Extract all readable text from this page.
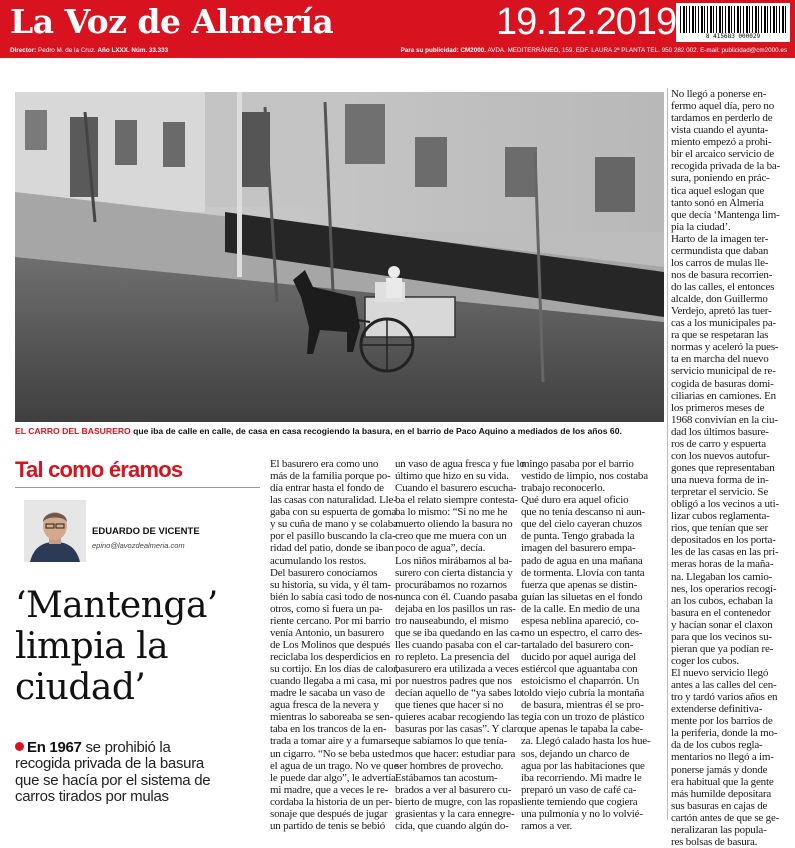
La Voz de Almería	19.12.2019	8 415683 000029
Director: Pedro M. de la Cruz. Año LXXX. Núm. 33.333	Para su publicidad: CM2000. AVDA. MEDITERRÁNEO, 159. EDF. LAURA 2ª PLANTA TEL. 950 282 002. E-mail: publicidad@cm2000.es
EL CARRO DEL BASURERO que iba de calle en calle, de casa en casa recogiendo la basura, en el barrio de Paco Aquino a mediados de los años 60.
Tal como éramos
EDUARDO DE VICENTE
epino@lavozdealmeria.com
‘Mantenga’
limpia la
ciudad’
En 1967 se prohibió la
recogida privada de la basura
que se hacía por el sistema de
carros tirados por mulas
El basurero era como uno
más de la familia porque po-
día entrar hasta el fondo de
las casas con naturalidad. Lle-
gaba con su espuerta de goma
y su cuña de mano y se colaba
por el pasillo buscando la cla-
ridad del patio, donde se iban
acumulando los restos.
Del basurero conocíamos
su historia, su vida, y él tam-
bién lo sabía casi todo de nos-
otros, como si fuera un pa-
riente cercano. Por mi barrio
venía Antonio, un basurero
de Los Molinos que después
reciclaba los desperdicios en
su cortijo. En los días de calor,
cuando llegaba a mi casa, mi
madre le sacaba un vaso de
agua fresca de la nevera y
mientras lo saboreaba se sen-
taba en los trancos de la en-
trada a tomar aire y a fumarse
un cigarro. “No se beba usted
el agua de un trago. No ve que
le puede dar algo”, le advertía
mi madre, que a veces le re-
cordaba la historia de un per-
sonaje que después de jugar
un partido de tenis se bebió
un vaso de agua fresca y fue lo
último que hizo en su vida.
Cuando el basurero escucha-
ba el relato siempre contesta-
ba lo mismo: “Si no me he
muerto oliendo la basura no
creo que me muera con un
poco de agua”, decía.
Los niños mirábamos al ba-
surero con cierta distancia y
procurábamos no rozarnos
nunca con él. Cuando pasaba
dejaba en los pasillos un ras-
tro nauseabundo, el mismo
que se iba quedando en las ca-
lles cuando pasaba con el car-
ro repleto. La presencia del
basurero era utilizada a veces
por nuestros padres que nos
decían aquello de “ya sabes lo
que tienes que hacer si no
quieres acabar recogiendo las
basuras por las casas”. Y claro
que sabíamos lo que tenía-
mos que hacer: estudiar para
ser hombres de provecho.
Estábamos tan acostum-
brados a ver al basurero cu-
bierto de mugre, con las ropas
grasientas y la cara ennegre-
cida, que cuando algún do-
mingo pasaba por el barrio
vestido de limpio, nos costaba
trabajo reconocerlo.
Qué duro era aquel oficio
que no tenía descanso ni aun-
que del cielo cayeran chuzos
de punta. Tengo grabada la
imagen del basurero empa-
pado de agua en una mañana
de tormenta. Llovía con tanta
fuerza que apenas se distin-
guían las siluetas en el fondo
de la calle. En medio de una
espesa neblina apareció, co-
mo un espectro, el carro des-
tartalado del basurero con-
ducido por aquel auriga del
estiércol que aguantaba con
estoicismo el chaparrón. Un
toldo viejo cubría la montaña
de basura, mientras él se pro-
tegía con un trozo de plástico
que apenas le tapaba la cabe-
za. Llegó calado hasta los hue-
sos, dejando un charco de
agua por las habitaciones que
iba recorriendo. Mi madre le
preparó un vaso de café ca-
liente temiendo que cogiera
una pulmonía y no lo volvié-
ramos a ver.
No llegó a ponerse en-
fermo aquel día, pero no
tardamos en perderlo de
vista cuando el ayunta-
miento empezó a prohi-
bir el arcaico servicio de
recogida privada de la ba-
sura, poniendo en prác-
tica aquel eslogan que
tanto sonó en Almería
que decía ‘Mantenga lim-
pia la ciudad’.
Harto de la imagen ter-
cermundista que daban
los carros de mulas lle-
nos de basura recorrien-
do las calles, el entonces
alcalde, don Guillermo
Verdejo, apretó las tuer-
cas a los municipales pa-
ra que se respetaran las
normas y aceleró la pues-
ta en marcha del nuevo
servicio municipal de re-
cogida de basuras domi-
ciliarias en camiones. En
los primeros meses de
1968 convivían en la ciu-
dad los últimos basure-
ros de carro y espuerta
con los nuevos autofur-
gones que representaban
una nueva forma de in-
terpretar el servicio. Se
obligó a los vecinos a uti-
lizar cubos reglamenta-
rios, que tenían que ser
depositados en los porta-
les de las casas en las pri-
meras horas de la maña-
na. Llegaban los camio-
nes, los operarios recogí-
an los cubos, echaban la
basura en el contenedor
y hacían sonar el claxon
para que los vecinos su-
pieran que ya podían re-
coger los cubos.
El nuevo servicio llegó
antes a las calles del cen-
tro y tardó varios años en
extenderse definitiva-
mente por los barrios de
la periferia, donde la mo-
da de los cubos regla-
mentarios no llegó a im-
ponerse jamás y donde
era habitual que la gente
más humilde depositara
sus basuras en cajas de
cartón antes de que se ge-
neralizaran las popula-
res bolsas de basura.
